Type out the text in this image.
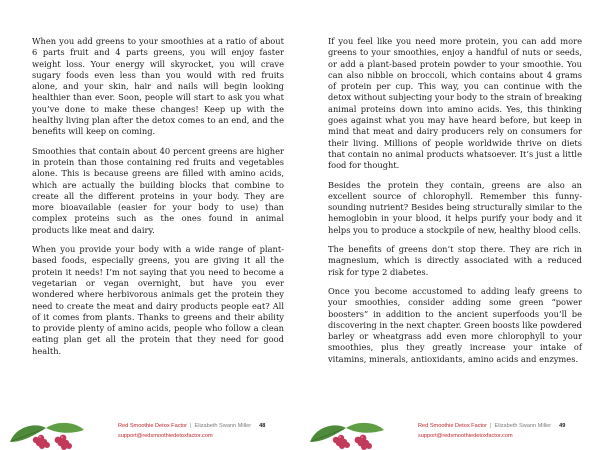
When you add greens to your smoothies at a ratio of about 6 parts fruit and 4 parts greens, you will enjoy faster weight loss. Your energy will skyrocket, you will crave sugary foods even less than you would with red fruits alone, and your skin, hair and nails will begin looking healthier than ever. Soon, people will start to ask you what you’ve done to make these changes! Keep up with the healthy living plan after the detox comes to an end, and the benefits will keep on coming.

Smoothies that contain about 40 percent greens are higher in protein than those containing red fruits and vegetables alone. This is because greens are filled with amino acids, which are actually the building blocks that combine to create all the different proteins in your body. They are more bioavailable (easier for your body to use) than complex proteins such as the ones found in animal products like meat and dairy.

When you provide your body with a wide range of plant-based foods, especially greens, you are giving it all the protein it needs! I’m not saying that you need to become a vegetarian or vegan overnight, but have you ever wondered where herbivorous animals get the protein they need to create the meat and dairy products people eat? All of it comes from plants. Thanks to greens and their ability to provide plenty of amino acids, people who follow a clean eating plan get all the protein that they need for good health.

Red Smoothie Detox Factor | Elizabeth Swann Miller 48
support@redsmoothiedetoxfactor.com

If you feel like you need more protein, you can add more greens to your smoothies, enjoy a handful of nuts or seeds, or add a plant-based protein powder to your smoothie. You can also nibble on broccoli, which contains about 4 grams of protein per cup. This way, you can continue with the detox without subjecting your body to the strain of breaking animal proteins down into amino acids. Yes, this thinking goes against what you may have heard before, but keep in mind that meat and dairy producers rely on consumers for their living. Millions of people worldwide thrive on diets that contain no animal products whatsoever. It’s just a little food for thought.

Besides the protein they contain, greens are also an excellent source of chlorophyll. Remember this funny-sounding nutrient? Besides being structurally similar to the hemoglobin in your blood, it helps purify your body and it helps you to produce a stockpile of new, healthy blood cells.

The benefits of greens don’t stop there. They are rich in magnesium, which is directly associated with a reduced risk for type 2 diabetes.

Once you become accustomed to adding leafy greens to your smoothies, consider adding some green “power boosters” in addition to the ancient superfoods you’ll be discovering in the next chapter. Green boosts like powdered barley or wheatgrass add even more chlorophyll to your smoothies, plus they greatly increase your intake of vitamins, minerals, antioxidants, amino acids and enzymes.

Red Smoothie Detox Factor | Elizabeth Swann Miller 49
support@redsmoothiedetoxfactor.com
